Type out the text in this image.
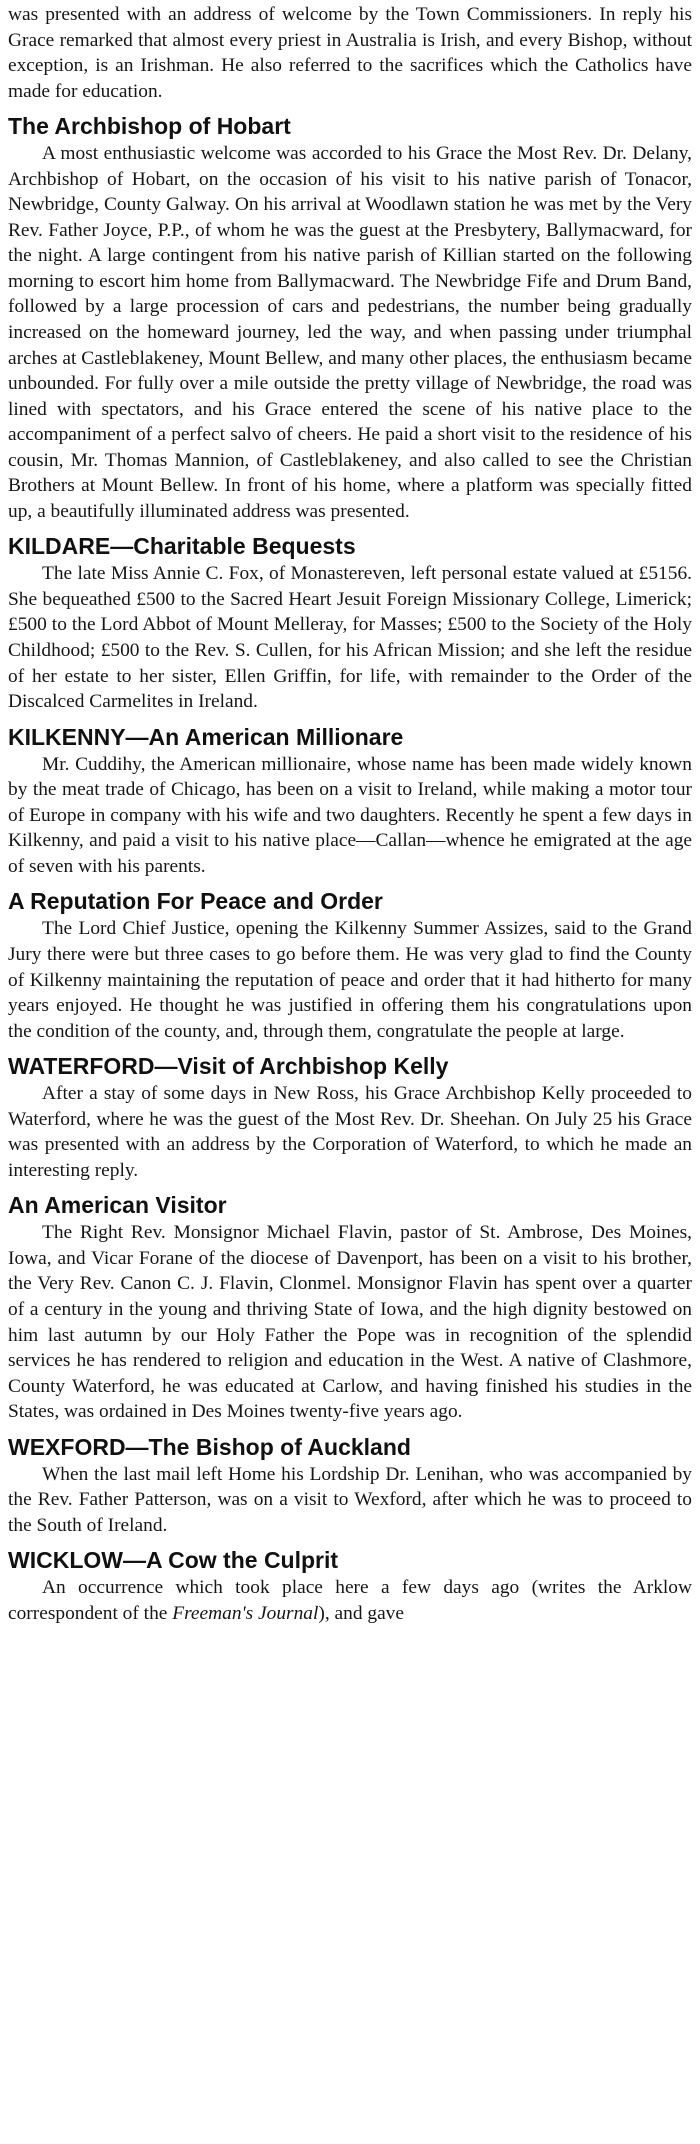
was presented with an address of welcome by the Town Commissioners. In reply his Grace remarked that almost every priest in Australia is Irish, and every Bishop, without exception, is an Irishman. He also referred to the sacrifices which the Catholics have made for education.

The Archbishop of Hobart

A most enthusiastic welcome was accorded to his Grace the Most Rev. Dr. Delany, Archbishop of Hobart, on the occasion of his visit to his native parish of Tonacor, Newbridge, County Galway. On his arrival at Woodlawn station he was met by the Very Rev. Father Joyce, P.P., of whom he was the guest at the Presbytery, Ballymacward, for the night. A large contingent from his native parish of Killian started on the following morning to escort him home from Ballymacward. The Newbridge Fife and Drum Band, followed by a large procession of cars and pedestrians, the number being gradually increased on the homeward journey, led the way, and when passing under triumphal arches at Castleblakeney, Mount Bellew, and many other places, the enthusiasm became unbounded. For fully over a mile outside the pretty village of Newbridge, the road was lined with spectators, and his Grace entered the scene of his native place to the accompaniment of a perfect salvo of cheers. He paid a short visit to the residence of his cousin, Mr. Thomas Mannion, of Castleblakeney, and also called to see the Christian Brothers at Mount Bellew. In front of his home, where a platform was specially fitted up, a beautifully illuminated address was presented.

KILDARE—Charitable Bequests

The late Miss Annie C. Fox, of Monastereven, left personal estate valued at £5156. She bequeathed £500 to the Sacred Heart Jesuit Foreign Missionary College, Limerick; £500 to the Lord Abbot of Mount Melleray, for Masses; £500 to the Society of the Holy Childhood; £500 to the Rev. S. Cullen, for his African Mission; and she left the residue of her estate to her sister, Ellen Griffin, for life, with remainder to the Order of the Discalced Carmelites in Ireland.

KILKENNY—An American Millionare

Mr. Cuddihy, the American millionaire, whose name has been made widely known by the meat trade of Chicago, has been on a visit to Ireland, while making a motor tour of Europe in company with his wife and two daughters. Recently he spent a few days in Kilkenny, and paid a visit to his native place—Callan—whence he emigrated at the age of seven with his parents.

A Reputation For Peace and Order

The Lord Chief Justice, opening the Kilkenny Summer Assizes, said to the Grand Jury there were but three cases to go before them. He was very glad to find the County of Kilkenny maintaining the reputation of peace and order that it had hitherto for many years enjoyed. He thought he was justified in offering them his congratulations upon the condition of the county, and, through them, congratulate the people at large.

WATERFORD—Visit of Archbishop Kelly

After a stay of some days in New Ross, his Grace Archbishop Kelly proceeded to Waterford, where he was the guest of the Most Rev. Dr. Sheehan. On July 25 his Grace was presented with an address by the Corporation of Waterford, to which he made an interesting reply.

An American Visitor

The Right Rev. Monsignor Michael Flavin, pastor of St. Ambrose, Des Moines, Iowa, and Vicar Forane of the diocese of Davenport, has been on a visit to his brother, the Very Rev. Canon C. J. Flavin, Clonmel. Monsignor Flavin has spent over a quarter of a century in the young and thriving State of Iowa, and the high dignity bestowed on him last autumn by our Holy Father the Pope was in recognition of the splendid services he has rendered to religion and education in the West. A native of Clashmore, County Waterford, he was educated at Carlow, and having finished his studies in the States, was ordained in Des Moines twenty-five years ago.

WEXFORD—The Bishop of Auckland

When the last mail left Home his Lordship Dr. Lenihan, who was accompanied by the Rev. Father Patterson, was on a visit to Wexford, after which he was to proceed to the South of Ireland.

WICKLOW—A Cow the Culprit

An occurrence which took place here a few days ago (writes the Arklow correspondent of the Freeman's Journal), and gave
